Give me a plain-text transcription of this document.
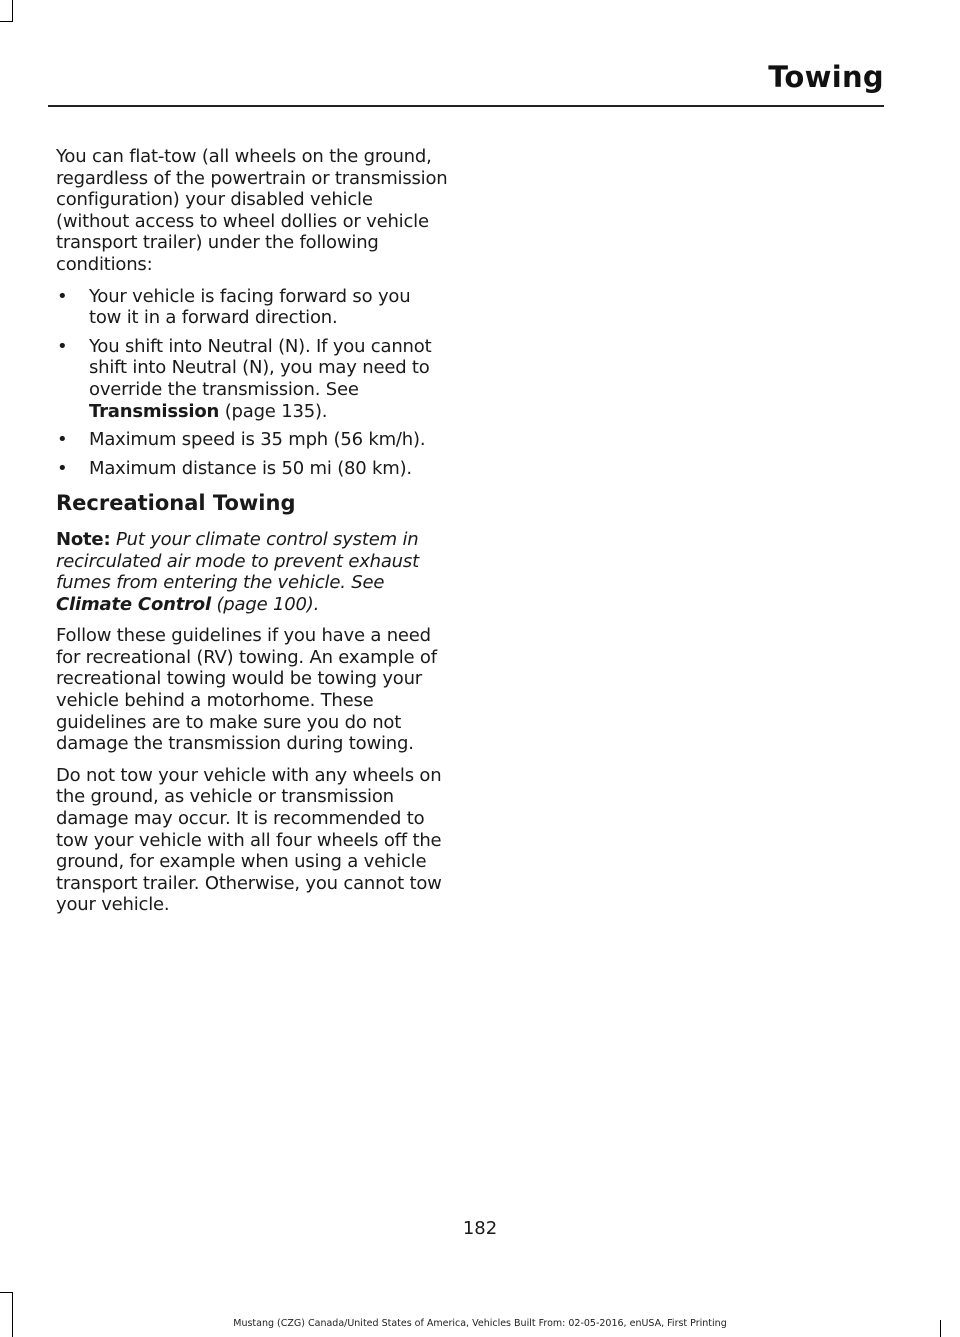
Towing

You can flat-tow (all wheels on the ground, regardless of the powertrain or transmission configuration) your disabled vehicle (without access to wheel dollies or vehicle transport trailer) under the following conditions:

• Your vehicle is facing forward so you tow it in a forward direction.
• You shift into Neutral (N). If you cannot shift into Neutral (N), you may need to override the transmission. See Transmission (page 135).
• Maximum speed is 35 mph (56 km/h).
• Maximum distance is 50 mi (80 km).
Recreational Towing

Note: Put your climate control system in recirculated air mode to prevent exhaust fumes from entering the vehicle. See Climate Control (page 100).

Follow these guidelines if you have a need for recreational (RV) towing. An example of recreational towing would be towing your vehicle behind a motorhome. These guidelines are to make sure you do not damage the transmission during towing.

Do not tow your vehicle with any wheels on the ground, as vehicle or transmission damage may occur. It is recommended to tow your vehicle with all four wheels off the ground, for example when using a vehicle transport trailer. Otherwise, you cannot tow your vehicle.

182
Mustang (CZG) Canada/United States of America, Vehicles Built From: 02-05-2016, enUSA, First Printing
